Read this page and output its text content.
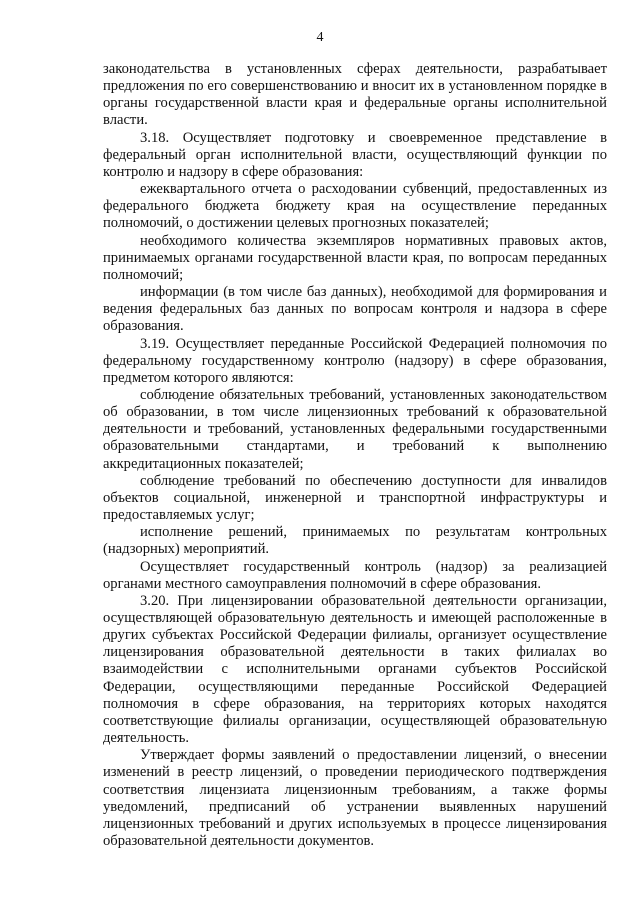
4

законодательства в установленных сферах деятельности, разрабатывает предложения по его совершенствованию и вносит их в установленном порядке в органы государственной власти края и федеральные органы исполнительной власти.

3.18. Осуществляет подготовку и своевременное представление в федеральный орган исполнительной власти, осуществляющий функции по контролю и надзору в сфере образования:

ежеквартального отчета о расходовании субвенций, предоставленных из федерального бюджета бюджету края на осуществление переданных полномочий, о достижении целевых прогнозных показателей;

необходимого количества экземпляров нормативных правовых актов, принимаемых органами государственной власти края, по вопросам переданных полномочий;

информации (в том числе баз данных), необходимой для формирования и ведения федеральных баз данных по вопросам контроля и надзора в сфере образования.

3.19. Осуществляет переданные Российской Федерацией полномочия по федеральному государственному контролю (надзору) в сфере образования, предметом которого являются:

соблюдение обязательных требований, установленных законодательством об образовании, в том числе лицензионных требований к образовательной деятельности и требований, установленных федеральными государственными образовательными стандартами, и требований к выполнению аккредитационных показателей;

соблюдение требований по обеспечению доступности для инвалидов объектов социальной, инженерной и транспортной инфраструктуры и предоставляемых услуг;

исполнение решений, принимаемых по результатам контрольных (надзорных) мероприятий.

Осуществляет государственный контроль (надзор) за реализацией органами местного самоуправления полномочий в сфере образования.

3.20. При лицензировании образовательной деятельности организации, осуществляющей образовательную деятельность и имеющей расположенные в других субъектах Российской Федерации филиалы, организует осуществление лицензирования образовательной деятельности в таких филиалах во взаимодействии с исполнительными органами субъектов Российской Федерации, осуществляющими переданные Российской Федерацией полномочия в сфере образования, на территориях которых находятся соответствующие филиалы организации, осуществляющей образовательную деятельность.

Утверждает формы заявлений о предоставлении лицензий, о внесении изменений в реестр лицензий, о проведении периодического подтверждения соответствия лицензиата лицензионным требованиям, а также формы уведомлений, предписаний об устранении выявленных нарушений лицензионных требований и других используемых в процессе лицензирования образовательной деятельности документов.
